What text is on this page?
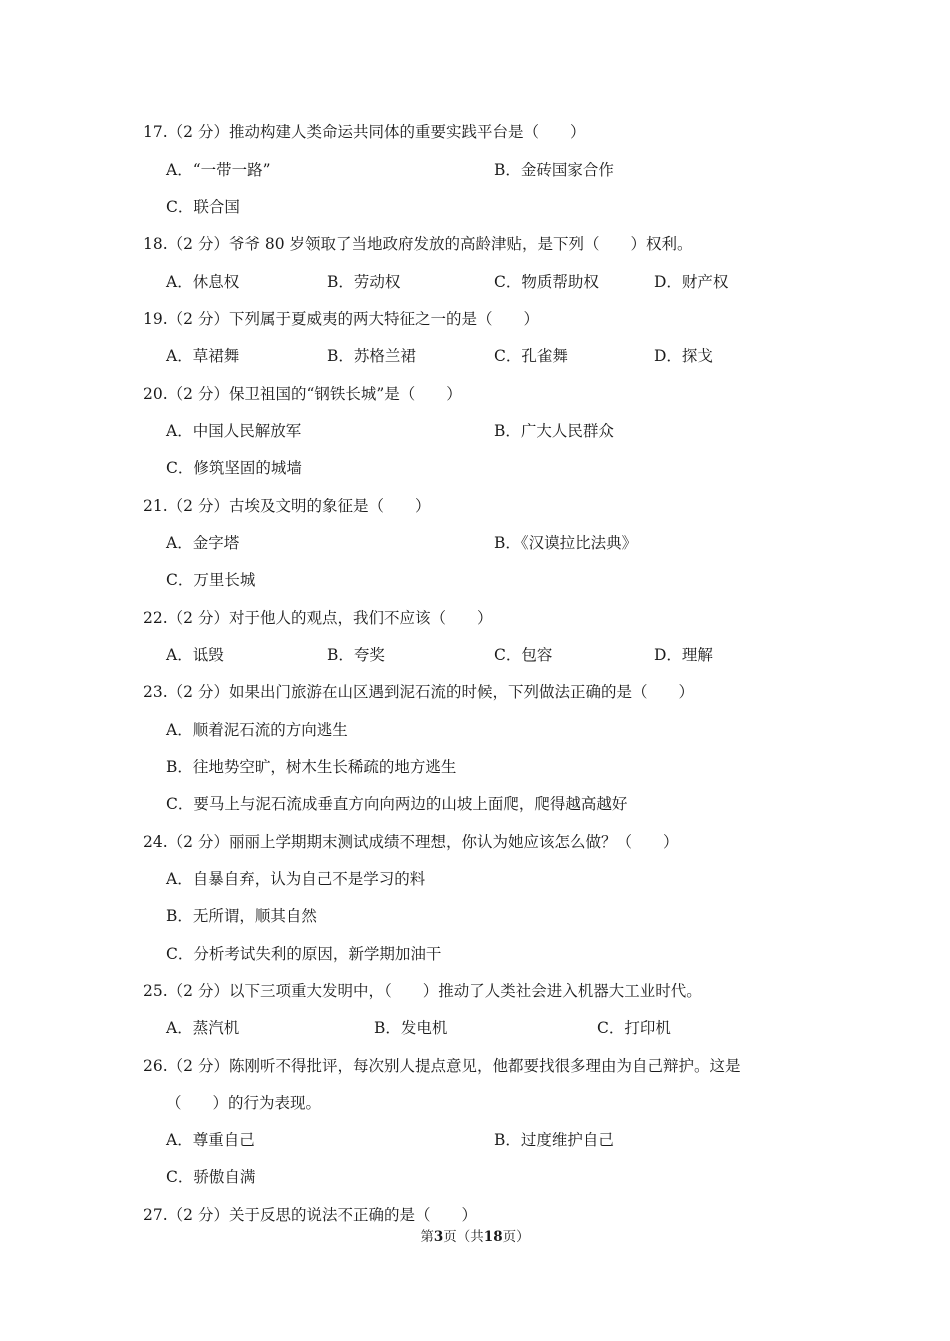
17.（2 分）推动构建人类命运共同体的重要实践平台是（　　）
A．“一带一路”	B．金砖国家合作
C．联合国
18.（2 分）爷爷 80 岁领取了当地政府发放的高龄津贴，是下列（　　）权利。
A．休息权	B．劳动权	C．物质帮助权	D．财产权
19.（2 分）下列属于夏威夷的两大特征之一的是（　　）
A．草裙舞	B．苏格兰裙	C．孔雀舞	D．探戈
20.（2 分）保卫祖国的“钢铁长城”是（　　）
A．中国人民解放军	B．广大人民群众
C．修筑坚固的城墙
21.（2 分）古埃及文明的象征是（　　）
A．金字塔	B．《汉谟拉比法典》
C．万里长城
22.（2 分）对于他人的观点，我们不应该（　　）
A．诋毁	B．夸奖	C．包容	D．理解
23.（2 分）如果出门旅游在山区遇到泥石流的时候，下列做法正确的是（　　）
A．顺着泥石流的方向逃生
B．往地势空旷，树木生长稀疏的地方逃生
C．要马上与泥石流成垂直方向向两边的山坡上面爬，爬得越高越好
24.（2 分）丽丽上学期期末测试成绩不理想，你认为她应该怎么做？（　　）
A．自暴自弃，认为自己不是学习的料
B．无所谓，顺其自然
C．分析考试失利的原因，新学期加油干
25.（2 分）以下三项重大发明中，（　　）推动了人类社会进入机器大工业时代。
A．蒸汽机	B．发电机	C．打印机
26.（2 分）陈刚听不得批评，每次别人提点意见，他都要找很多理由为自己辩护。这是
（　　）的行为表现。
A．尊重自己	B．过度维护自己
C．骄傲自满
27.（2 分）关于反思的说法不正确的是（　　）
第3页（共18页）
